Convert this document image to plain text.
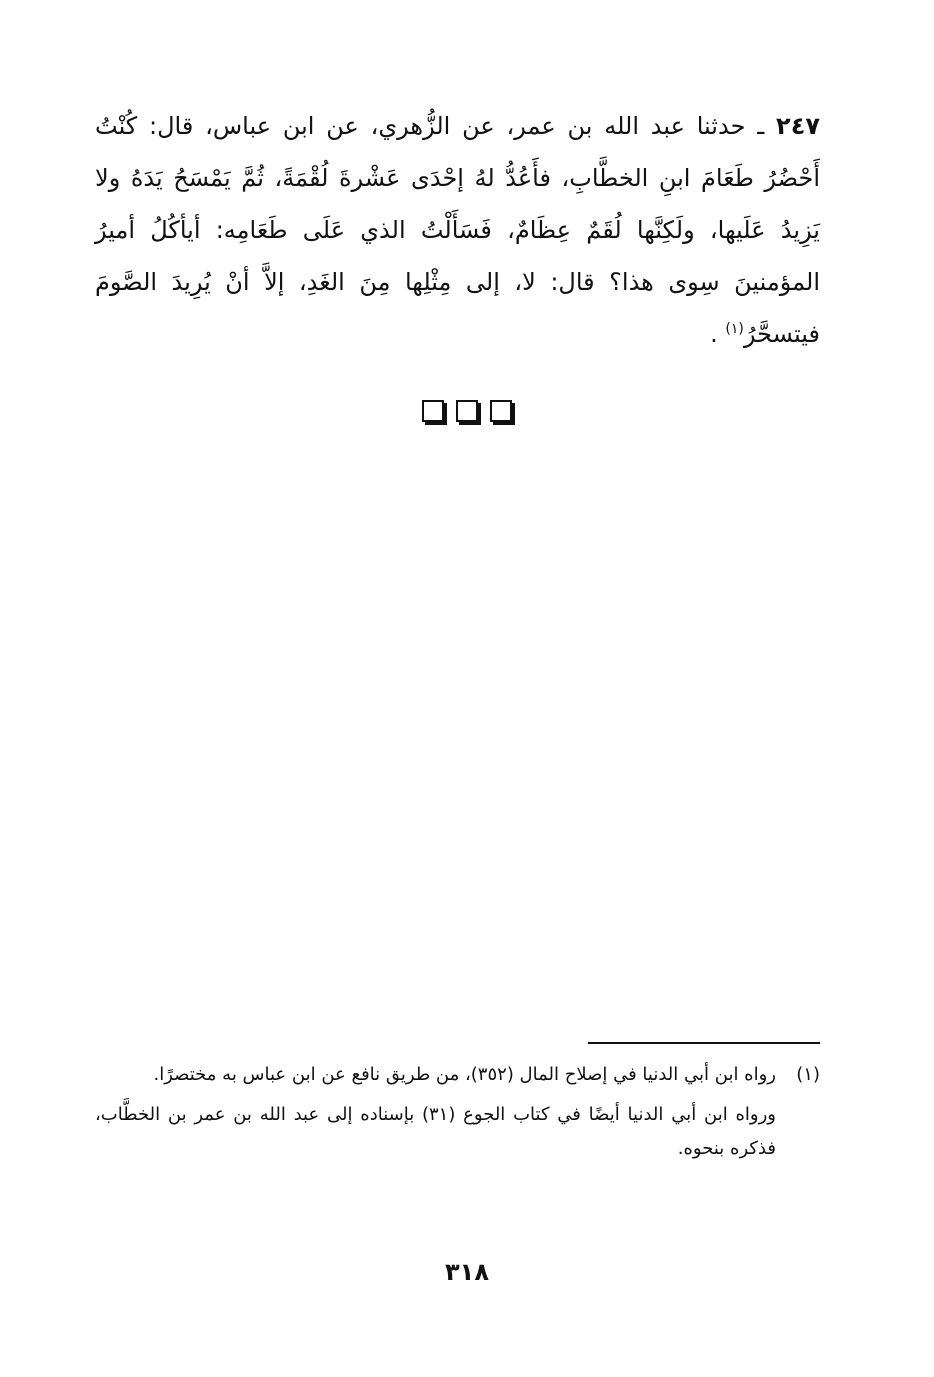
٢٤٧ ـ حدثنا عبد الله بن عمر، عن الزُّهري، عن ابن عباس، قال: كُنْتُ أَحْضُرُ طَعَامَ ابنِ الخطَّابِ، فأَعُدُّ لهُ إحْدَى عَشْرةَ لُقْمَةً، ثُمَّ يَمْسَحُ يَدَهُ ولا يَزِيدُ عَلَيها، ولَكِنَّها لُقَمٌ عِظَامٌ، فَسَأَلْتُ الذي عَلَى طَعَامِه: أيأكُلُ أميرُ المؤمنينَ سِوى هذا؟ قال: لا، إلى مِثْلِها مِنَ الغَدِ، إلاَّ أنْ يُرِيدَ الصَّومَ فيتسحَّرُ$^{(١)}$ .

(١)
رواه ابن أبي الدنيا في إصلاح المال (٣٥٢)، من طريق نافع عن ابن عباس به مختصرًا.
ورواه ابن أبي الدنيا أيضًا في كتاب الجوع (٣١) بإسناده إلى عبد الله بن عمر بن الخطَّاب، فذكره بنحوه.
٣١٨
